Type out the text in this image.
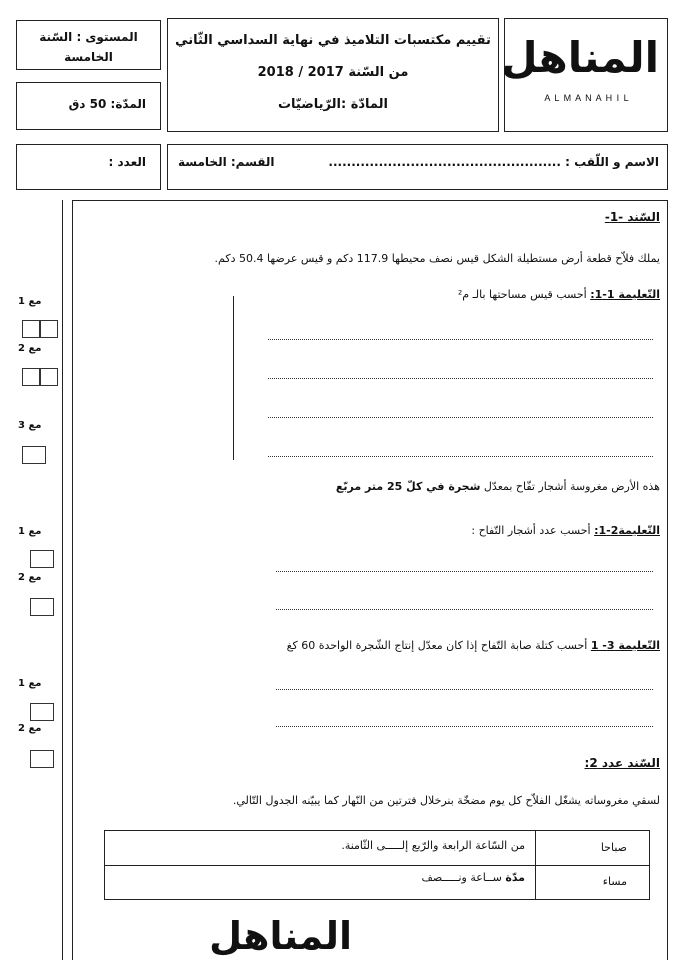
المناهل
A L M A N A H I L
تقييم مكتسبات التلاميذ في نهاية السداسي الثّاني
من السّنة 2017 / 2018
المادّة :الرّياضيّات
المستوى : السّنة الخامسة
المدّة: 50 دق
الاسم و اللّقب : ...................................................
القسم: الخامسة
العدد :
مع 1
مع 2
مع 3
مع 1
مع 2
مع 1
مع 2
السّند -1-
يملك فلاّح قطعة أرض مستطيلة الشكل قيس نصف محيطها 117.9 دكم و قيس عرضها 50.4 دكم.
التّعليمة 1-1: أحسب قيس مساحتها بالـ م²
هذه الأرض مغروسة أشجار تفّاح بمعدّل شجرة في كلّ 25 متر مربّع
التّعليمة2-1: أحسب عدد أشجار التّفاح :
التّعليمة 3- 1 أحسب كتلة صابة التّفاح إذا كان معدّل إنتاج الشّجرة الواحدة 60 كغ
السّند عدد 2:
لسقي مغروساته يشغّل الفلاّح كل يوم مضخّة بنرخلال فترتين من النّهار كما يبيّنه الجدول التّالي.
صباحا
من السّاعة الرابعة والرّبع إلـــــى الثّامنة.
مساء
مدّة ســاعة ونـــــصف
المناهل
